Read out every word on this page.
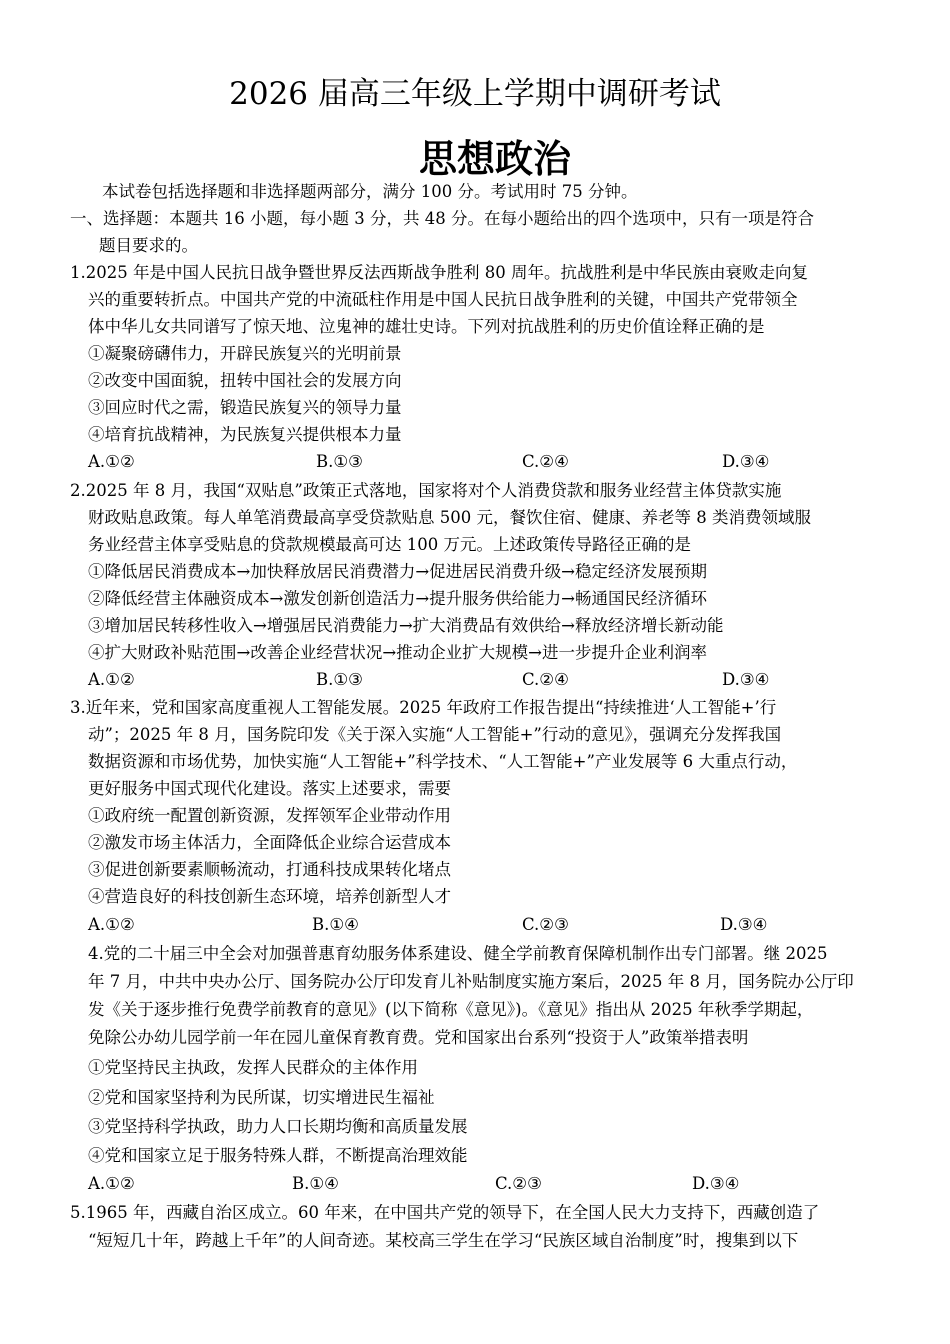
2026 届高三年级上学期中调研考试
思想政治
本试卷包括选择题和非选择题两部分，满分 100 分。考试用时 75 分钟。
一、选择题：本题共 16 小题，每小题 3 分，共 48 分。在每小题给出的四个选项中，只有一项是符合
题目要求的。
1.2025 年是中国人民抗日战争暨世界反法西斯战争胜利 80 周年。抗战胜利是中华民族由衰败走向复
兴的重要转折点。中国共产党的中流砥柱作用是中国人民抗日战争胜利的关键，中国共产党带领全
体中华儿女共同谱写了惊天地、泣鬼神的雄壮史诗。下列对抗战胜利的历史价值诠释正确的是
①凝聚磅礴伟力，开辟民族复兴的光明前景
②改变中国面貌，扭转中国社会的发展方向
③回应时代之需，锻造民族复兴的领导力量
④培育抗战精神，为民族复兴提供根本力量
A.①②	B.①③	C.②④	D.③④
2.2025 年 8 月，我国“双贴息”政策正式落地，国家将对个人消费贷款和服务业经营主体贷款实施
财政贴息政策。每人单笔消费最高享受贷款贴息 500 元，餐饮住宿、健康、养老等 8 类消费领域服
务业经营主体享受贴息的贷款规模最高可达 100 万元。上述政策传导路径正确的是
①降低居民消费成本→加快释放居民消费潜力→促进居民消费升级→稳定经济发展预期
②降低经营主体融资成本→激发创新创造活力→提升服务供给能力→畅通国民经济循环
③增加居民转移性收入→增强居民消费能力→扩大消费品有效供给→释放经济增长新动能
④扩大财政补贴范围→改善企业经营状况→推动企业扩大规模→进一步提升企业利润率
A.①②	B.①③	C.②④	D.③④
3.近年来，党和国家高度重视人工智能发展。2025 年政府工作报告提出“持续推进‘人工智能+’行
动”；2025 年 8 月，国务院印发《关于深入实施“人工智能+”行动的意见》，强调充分发挥我国
数据资源和市场优势，加快实施“人工智能+”科学技术、“人工智能+”产业发展等 6 大重点行动，
更好服务中国式现代化建设。落实上述要求，需要
①政府统一配置创新资源，发挥领军企业带动作用
②激发市场主体活力，全面降低企业综合运营成本
③促进创新要素顺畅流动，打通科技成果转化堵点
④营造良好的科技创新生态环境，培养创新型人才
A.①②	B.①④	C.②③	D.③④
4.党的二十届三中全会对加强普惠育幼服务体系建设、健全学前教育保障机制作出专门部署。继 2025
年 7 月，中共中央办公厅、国务院办公厅印发育儿补贴制度实施方案后，2025 年 8 月，国务院办公厅印
发《关于逐步推行免费学前教育的意见》(以下简称《意见》)。《意见》指出从 2025 年秋季学期起，
免除公办幼儿园学前一年在园儿童保育教育费。党和国家出台系列“投资于人”政策举措表明
①党坚持民主执政，发挥人民群众的主体作用
②党和国家坚持利为民所谋，切实增进民生福祉
③党坚持科学执政，助力人口长期均衡和高质量发展
④党和国家立足于服务特殊人群，不断提高治理效能
A.①②	B.①④	C.②③	D.③④
5.1965 年，西藏自治区成立。60 年来，在中国共产党的领导下，在全国人民大力支持下，西藏创造了
“短短几十年，跨越上千年”的人间奇迹。某校高三学生在学习“民族区域自治制度”时，搜集到以下
